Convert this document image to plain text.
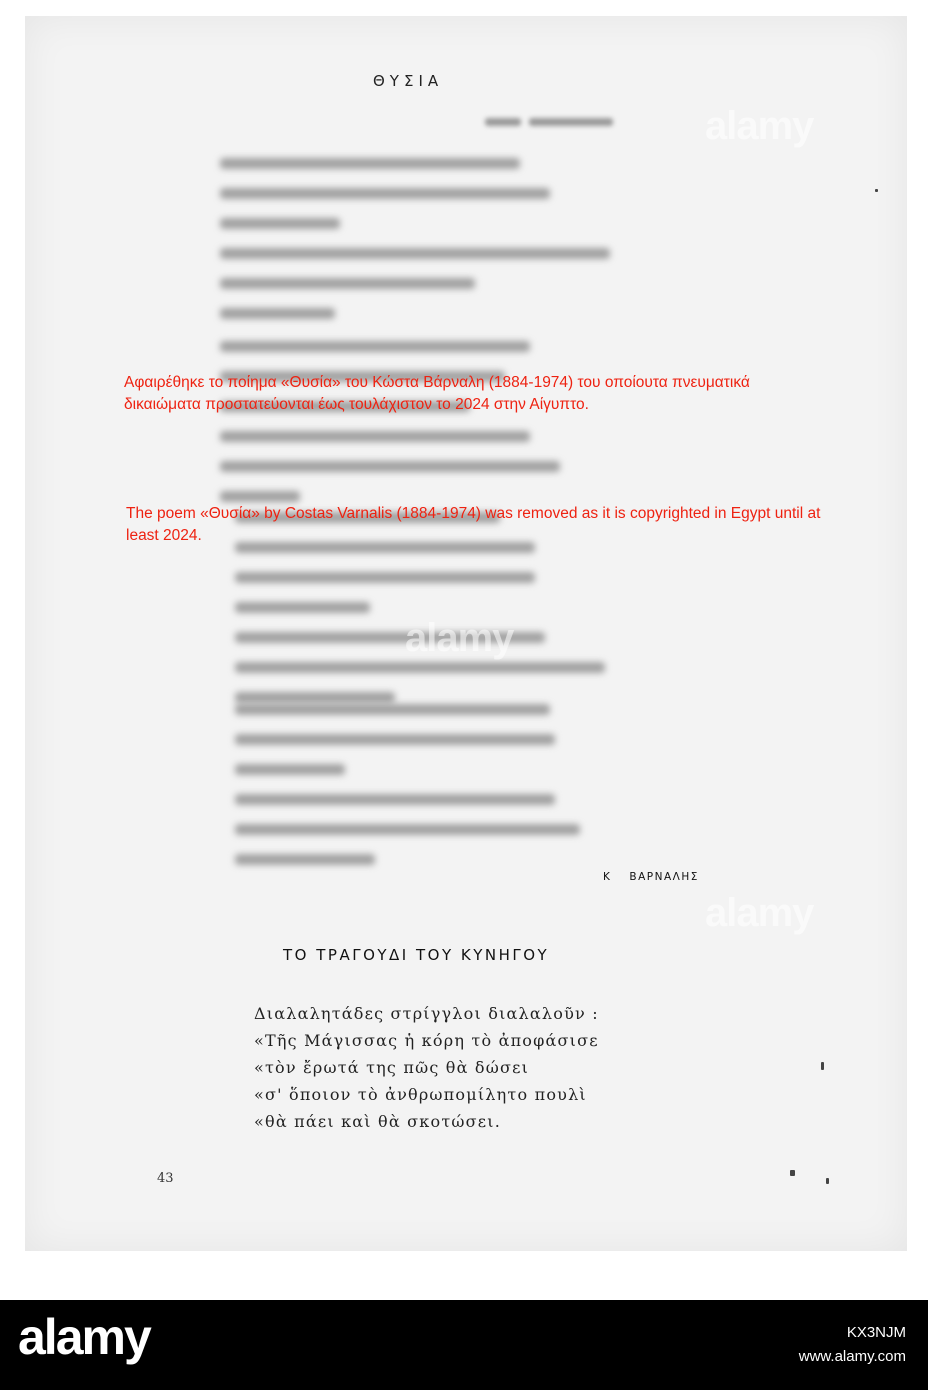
ΘΥΣΙΑ
Κ ΒΑΡΝΑΛΗΣ
ΤΟ ΤΡΑΓΟΥΔΙ ΤΟΥ ΚΥΝΗΓΟΥ
Διαλαλητάδες στρίγγλοι διαλαλοῦν :
«Τῆς Μάγισσας ἡ κόρη τὸ ἀποφάσισε
«τὸν ἔρωτά της πῶς θὰ δώσει
«σ' ὅποιον τὸ ἀνθρωπομίλητο πουλὶ
«θὰ πάει καὶ θὰ σκοτώσει.
43
alamy
alamy
alamy
Αφαιρέθηκε το ποίημα «Θυσία» του Κώστα Βάρναλη (1884-1974) του οποίουτα πνευματικά δικαιώματα προστατεύονται έως τουλάχιστον το 2024 στην Αίγυπτο.
The poem «Θυσία» by Costas Varnalis (1884-1974) was removed as it is copyrighted in Egypt until at least 2024.
alamy	KX3NJM
www.alamy.com
